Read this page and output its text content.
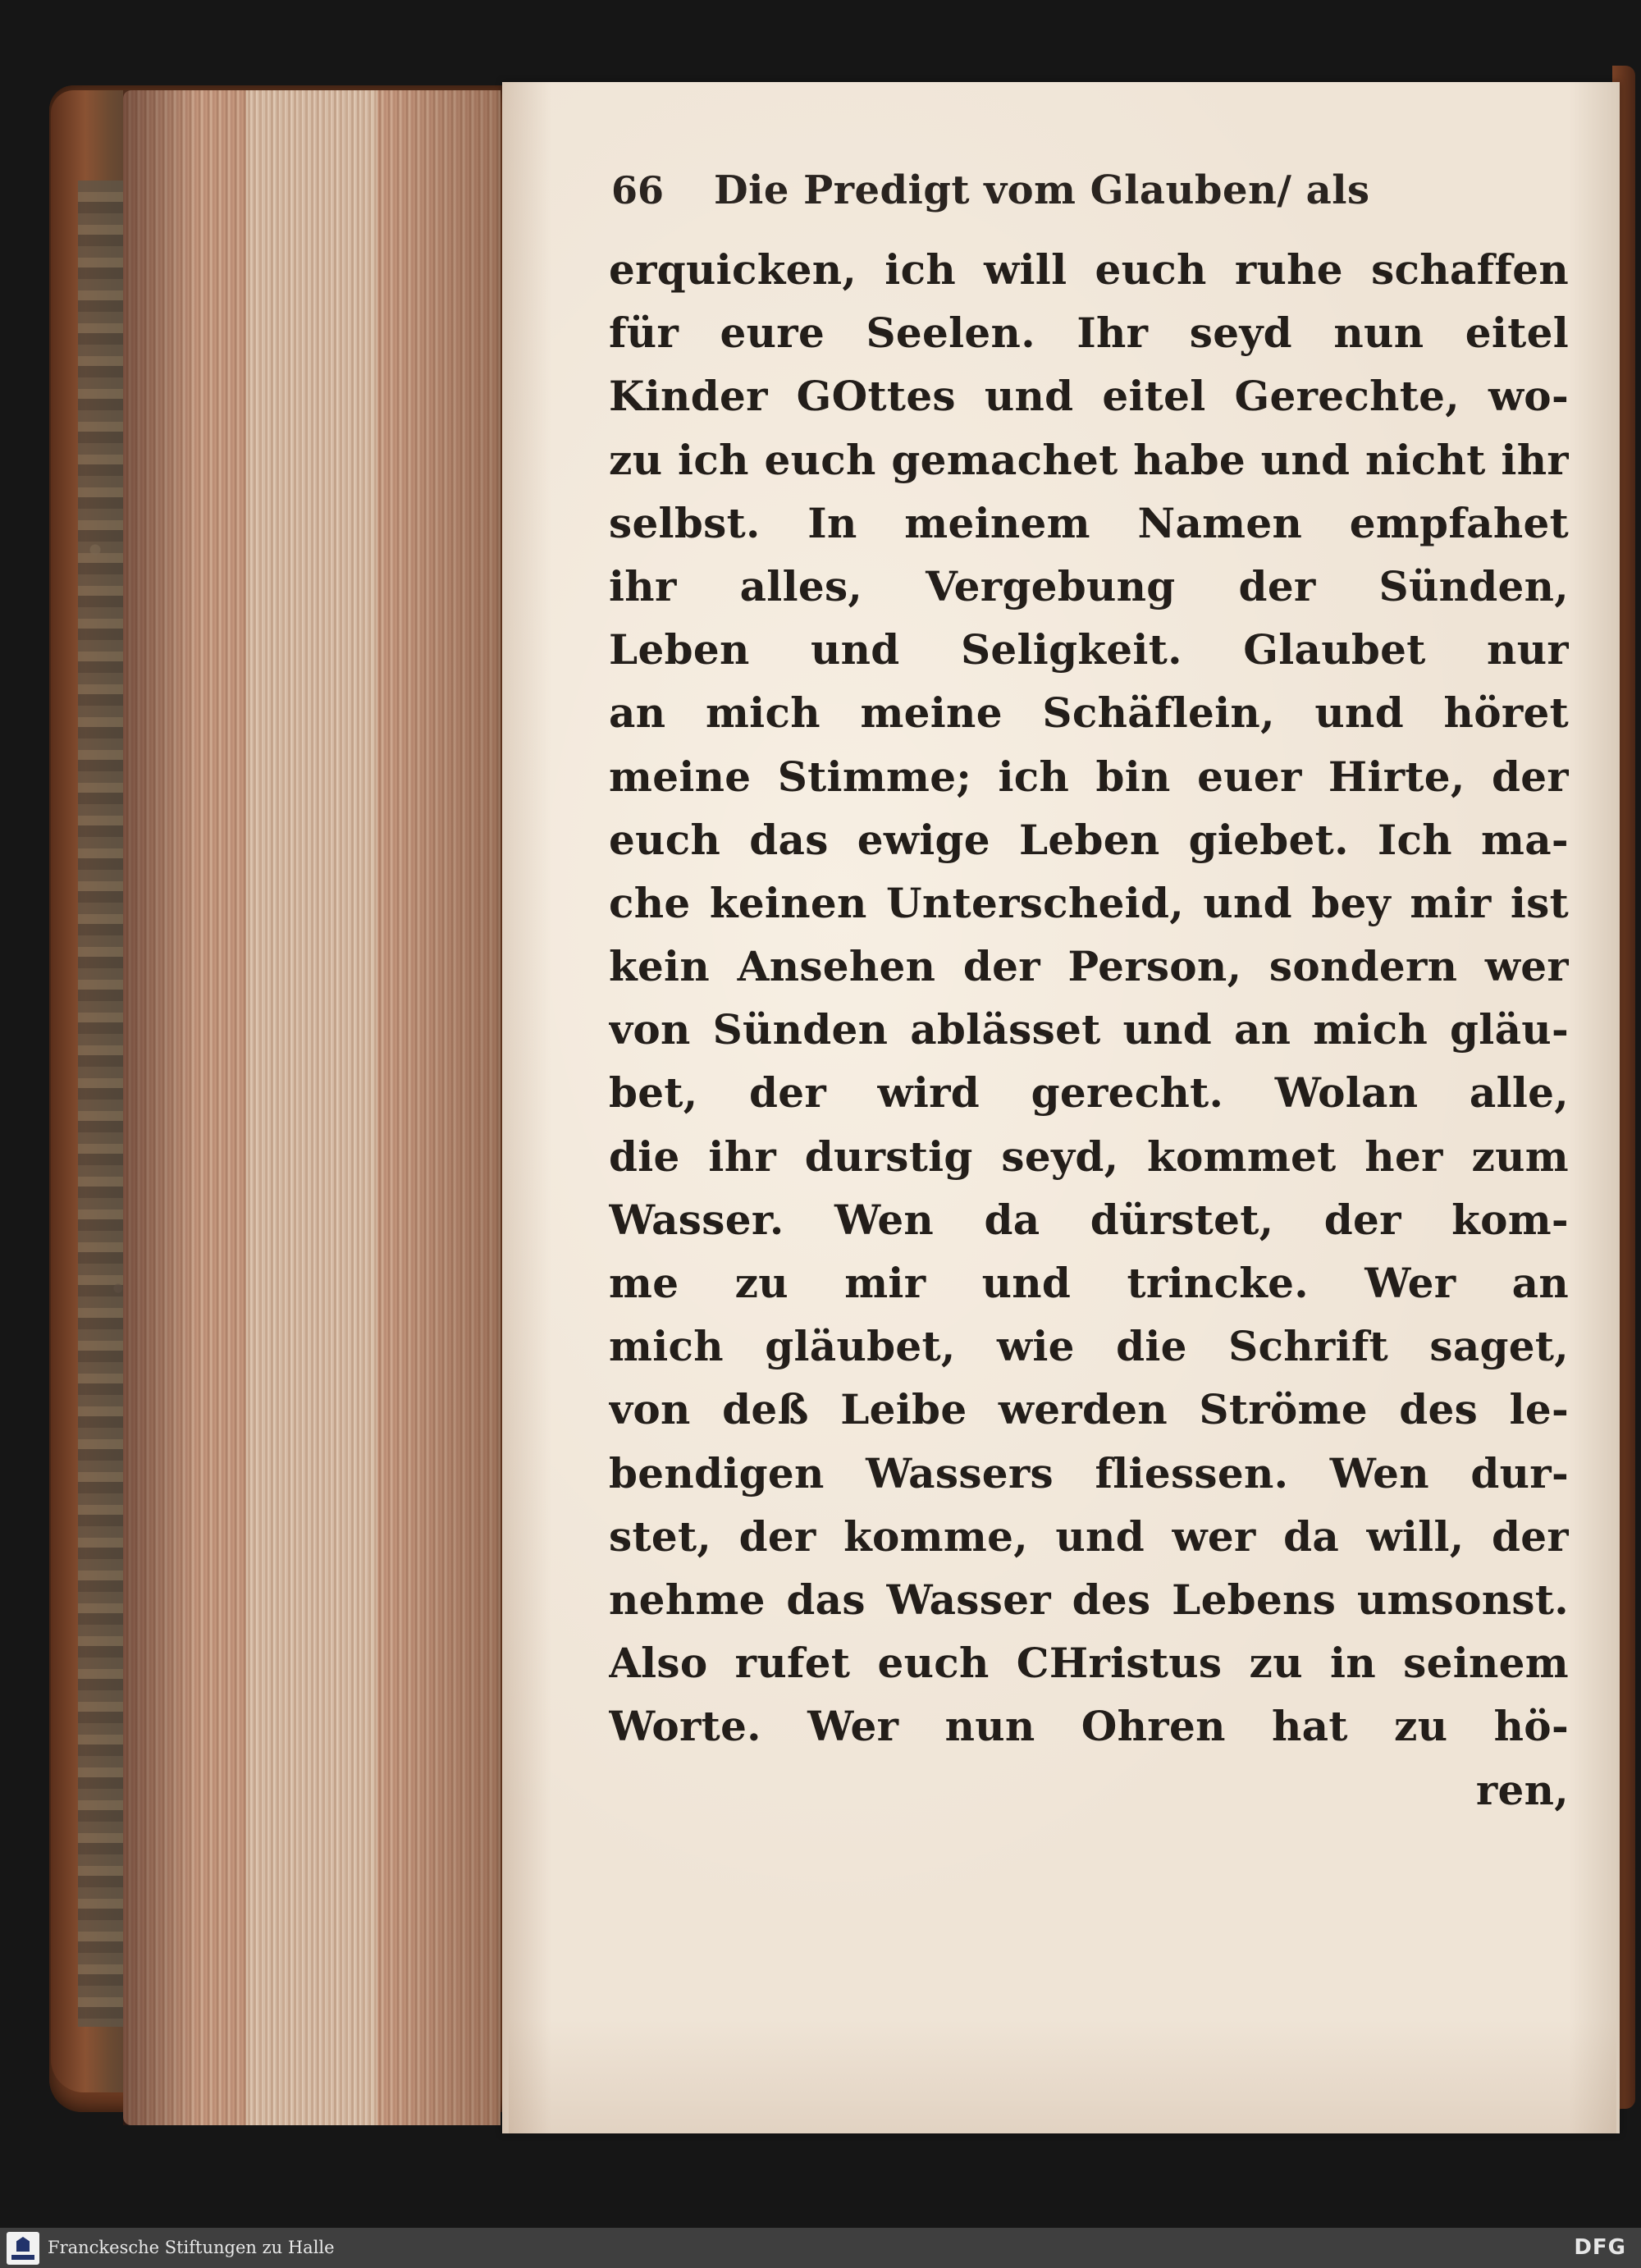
66 Die Predigt vom Glauben/ als
erquicken, ich will euch ruhe schaffen
für eure Seelen. Ihr seyd nun eitel
Kinder GOttes und eitel Gerechte, wo-
zu ich euch gemachet habe und nicht ihr
selbst. In meinem Namen empfahet
ihr alles, Vergebung der Sünden,
Leben und Seligkeit. Glaubet nur
an mich meine Schäflein, und höret
meine Stimme; ich bin euer Hirte, der
euch das ewige Leben giebet. Ich ma-
che keinen Unterscheid, und bey mir ist
kein Ansehen der Person, sondern wer
von Sünden ablässet und an mich gläu-
bet, der wird gerecht. Wolan alle,
die ihr durstig seyd, kommet her zum
Wasser. Wen da dürstet, der kom-
me zu mir und trincke. Wer an
mich gläubet, wie die Schrift saget,
von deß Leibe werden Ströme des le-
bendigen Wassers fliessen. Wen dur-
stet, der komme, und wer da will, der
nehme das Wasser des Lebens umsonst.
Also rufet euch CHristus zu in seinem
Worte. Wer nun Ohren hat zu hö-
ren,
Franckesche Stiftungen zu Halle	DFG
